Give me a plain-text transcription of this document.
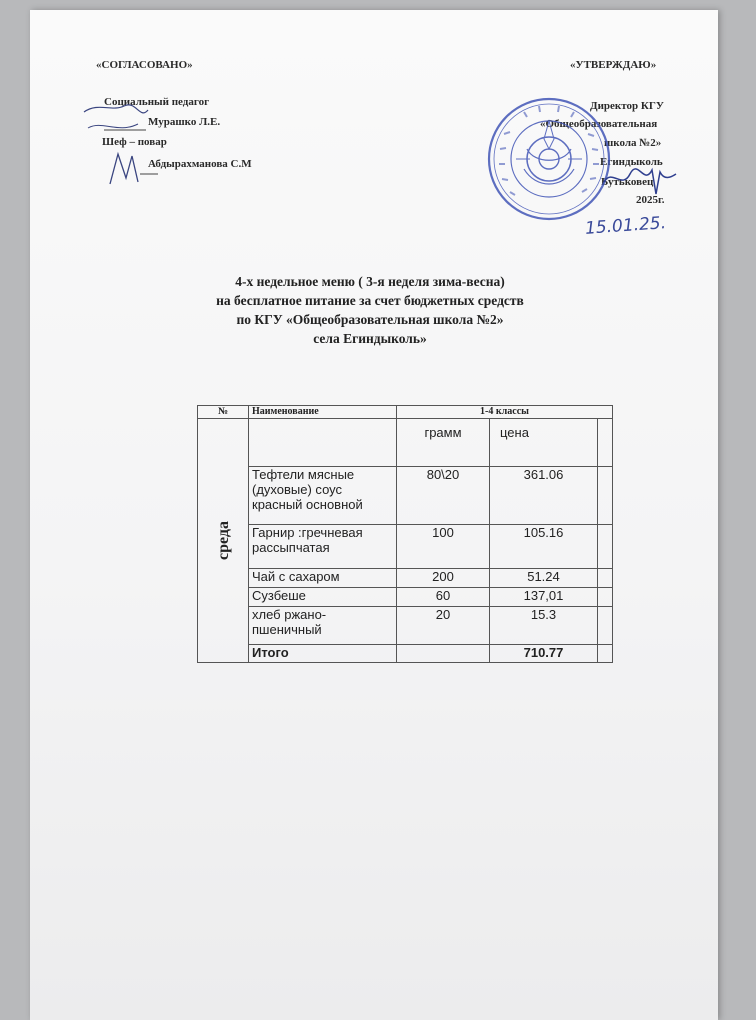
«СОГЛАСОВАНО»
Социальный педагог
Мурашко Л.Е.
Шеф – повар
Абдырахманова С.М
«УТВЕРЖДАЮ»
Директор КГУ
«Общеобразовательная
школа №2»
Егиндыколь
Бутьковец
2025г.
15.01.25.
4-х недельное меню ( 3-я неделя зима-весна)
на бесплатное питание за счет бюджетных средств
по КГУ «Общеобразовательная школа №2»
села Егиндыколь»
№	Наименование	1-4 классы		
среда		грамм	цена	
	Тефтели мясные (духовые) соус красный основной	80\20	361.06	
	Гарнир :гречневая рассыпчатая	100	105.16	
	Чай с сахаром	200	51.24	
	Сузбеше	60	137,01	
	хлеб ржано-пшеничный	20	15.3	
	Итого		710.77	
